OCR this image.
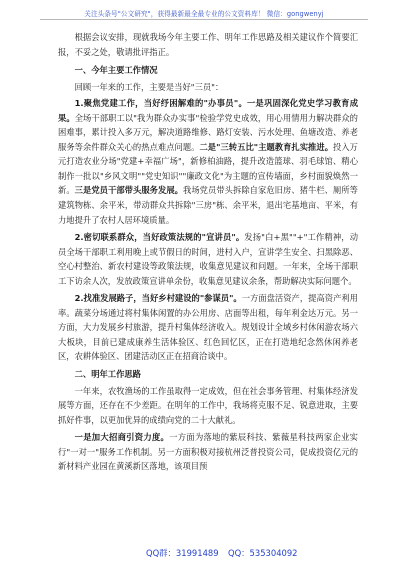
关注头条号"公文研究"，获得最新最全最专业的公文资料库！ 微信：gongwenyj

根据会议安排，现就我场今年主要工作、明年工作思路及相关建议作个简要汇报，不妥之处，敬请批评指正。

一、今年主要工作情况

回顾一年来的工作，主要是当好"三员"：

1.聚焦党建工作，当好纾困解难的"办事员"。一是巩固深化党史学习教育成果。全场干部职工以"我为群众办实事"检验学党史成效，用心用情用力解决群众的困难事，累计投入多万元，解决道路维修、路灯安装、污水处理、鱼塘改造、养老服务等余件群众关心的热点难点问题。二是"三转五比"主题教育扎实推进。投入万元打造农业分场"党建+幸福广场"，新修柏油路，提升改造篮球、羽毛球馆、精心制作一批以"乡风文明""党史知识""廉政文化"为主题的宣传墙面，乡村面貌焕然一新。三是党员干部带头服务发展。我场党员带头拆除自家危旧房、猪牛栏、厕所等建筑物栋、余平米，带动群众共拆除"三房"栋、余平米，退出宅基地亩、平米，有力地提升了农村人居环境质量。

2.密切联系群众，当好政策法规的"宣讲员"。发扬"白+黑""+"工作精神，动员全场干部职工利用晚上或节假日的时间，进村入户，宣讲学生安全、扫黑除恶、空心村整治、新农村建设等政策法规，收集意见建议和问题。一年来，全场干部职工下访余人次，发放政策宣讲单余份，收集意见建议余条，帮助解决实际问题个。

2.找准发展路子，当好乡村建设的"参谋员"。一方面盘活资产，提高资产利用率。蔬菜分场通过将村集体闲置的办公用房、店面等出租，每年利金达万元。另一方面，大力发展乡村旅游，提升村集体经济收入。规划设计全域乡村休闲游农场六大板块，目前已建成康养生活体验区、红色回忆区，正在打造地纪念然休闲养老区，农耕体验区、团建活动区正在招商洽谈中。

二、明年工作思路

一年来，农牧渔场的工作虽取得一定成效，但在社会事务管理、村集体经济发展等方面，还存在不少差距。在明年的工作中，我场将克服不足、锐意进取，主要抓好件事，以更加优异的成绩向党的二十大献礼。

一是加大招商引资力度。一方面为落地的紫辰科技、紫薇星科技两家企业实行"一对一"服务工作机制。另一方面积极对接杭州泛普投资公司，促成投资亿元的新材料产业园在黄溪新区落地，该项目预

QQ群：31991489 QQ：535304092
